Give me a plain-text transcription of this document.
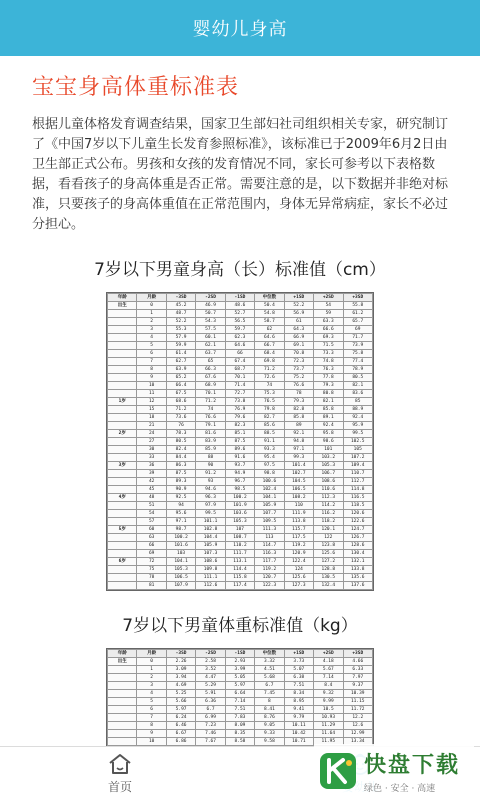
婴幼儿身高
宝宝身高体重标准表
根据儿童体格发育调查结果，国家卫生部妇社司组织相关专家，研究制订了《中国7岁以下儿童生长发育参照标准》，该标准已于2009年6月2日由卫生部正式公布。男孩和女孩的发育情况不同，家长可参考以下表格数据，看看孩子的身高体重是否正常。需要注意的是，以下数据并非绝对标准，只要孩子的身高体重值在正常范围内，身体无异常病症，家长不必过分担心。
7岁以下男童身高（长）标准值（cm）
年龄	月龄	-3SD	-2SD	-1SD	中位数	+1SD	+2SD	+3SD
出生	0	45.2	46.9	48.6	50.4	52.2	54	55.8
	1	48.7	50.7	52.7	54.8	56.9	59	61.2
	2	52.2	54.3	56.5	58.7	61	63.3	65.7
	3	55.3	57.5	59.7	62	64.3	66.6	69
	4	57.9	60.1	62.3	64.6	66.9	69.3	71.7
	5	59.9	62.1	64.6	66.7	69.1	71.5	73.9
	6	61.4	63.7	66	68.4	70.8	73.3	75.8
	7	62.7	65	67.4	69.8	72.3	74.8	77.4
	8	63.9	66.3	68.7	71.2	73.7	76.3	78.9
	9	65.2	67.6	70.1	72.6	75.2	77.8	80.5
	10	66.4	68.9	71.4	74	76.6	79.3	82.1
	11	67.5	70.1	72.7	75.3	78	80.8	83.6
1岁	12	68.6	71.2	73.8	76.5	79.3	82.1	85
	15	71.2	74	76.9	79.8	82.8	85.8	88.9
	18	73.6	76.6	79.6	82.7	85.8	89.1	92.4
	21	76	79.1	82.3	85.6	89	92.4	95.9
2岁	24	78.3	81.6	85.1	88.5	92.1	95.8	99.5
	27	80.5	83.9	87.5	91.1	94.8	98.6	102.5
	30	82.4	85.9	89.6	93.3	97.1	101	105
	33	84.4	88	91.6	95.4	99.3	103.2	107.2
3岁	36	86.3	90	93.7	97.5	101.4	105.3	109.4
	39	87.5	91.2	94.9	98.8	102.7	106.7	110.7
	42	89.3	93	96.7	100.6	104.5	108.6	112.7
	45	90.9	94.6	98.5	102.4	106.5	110.6	114.8
4岁	48	92.5	96.3	100.2	104.1	108.2	112.3	116.5
	51	94	97.9	101.9	105.9	110	114.2	118.5
	54	95.6	99.5	103.6	107.7	111.9	116.2	120.6
	57	97.1	101.1	105.3	109.5	113.8	118.2	122.6
5岁	60	98.7	102.8	107	111.3	115.7	120.1	124.7
	63	100.2	104.4	108.7	113	117.5	122	126.7
	66	101.6	105.9	110.2	114.7	119.2	123.8	128.6
	69	103	107.3	111.7	116.3	120.9	125.6	130.4
6岁	72	104.1	108.6	113.1	117.7	122.4	127.2	132.1
	75	105.3	109.8	114.4	119.2	124	128.8	133.8
	78	106.5	111.1	115.8	120.7	125.6	130.5	135.6
	81	107.9	112.6	117.4	122.3	127.3	132.4	137.6
7岁以下男童体重标准值（kg）
年龄	月龄	-3SD	-2SD	-1SD	中位数	+1SD	+2SD	+3SD
出生	0	2.26	2.58	2.93	3.32	3.73	4.18	4.66
	1	3.09	3.52	3.99	4.51	5.07	5.67	6.33
	2	3.94	4.47	5.05	5.68	6.38	7.14	7.97
	3	4.69	5.29	5.97	6.7	7.51	8.4	9.37
	4	5.25	5.91	6.64	7.45	8.34	9.32	10.39
	5	5.66	6.36	7.14	8	8.95	9.99	11.15
	6	5.97	6.7	7.51	8.41	9.41	10.5	11.72
	7	6.24	6.99	7.83	8.76	9.79	10.93	12.2
	8	6.46	7.23	8.09	9.05	10.11	11.29	12.6
	9	6.67	7.46	8.35	9.33	10.42	11.64	12.99
	10	6.86	7.67	8.58	9.58	10.71	11.95	13.34

首页
快盘下载
绿色 · 安全 · 高速
